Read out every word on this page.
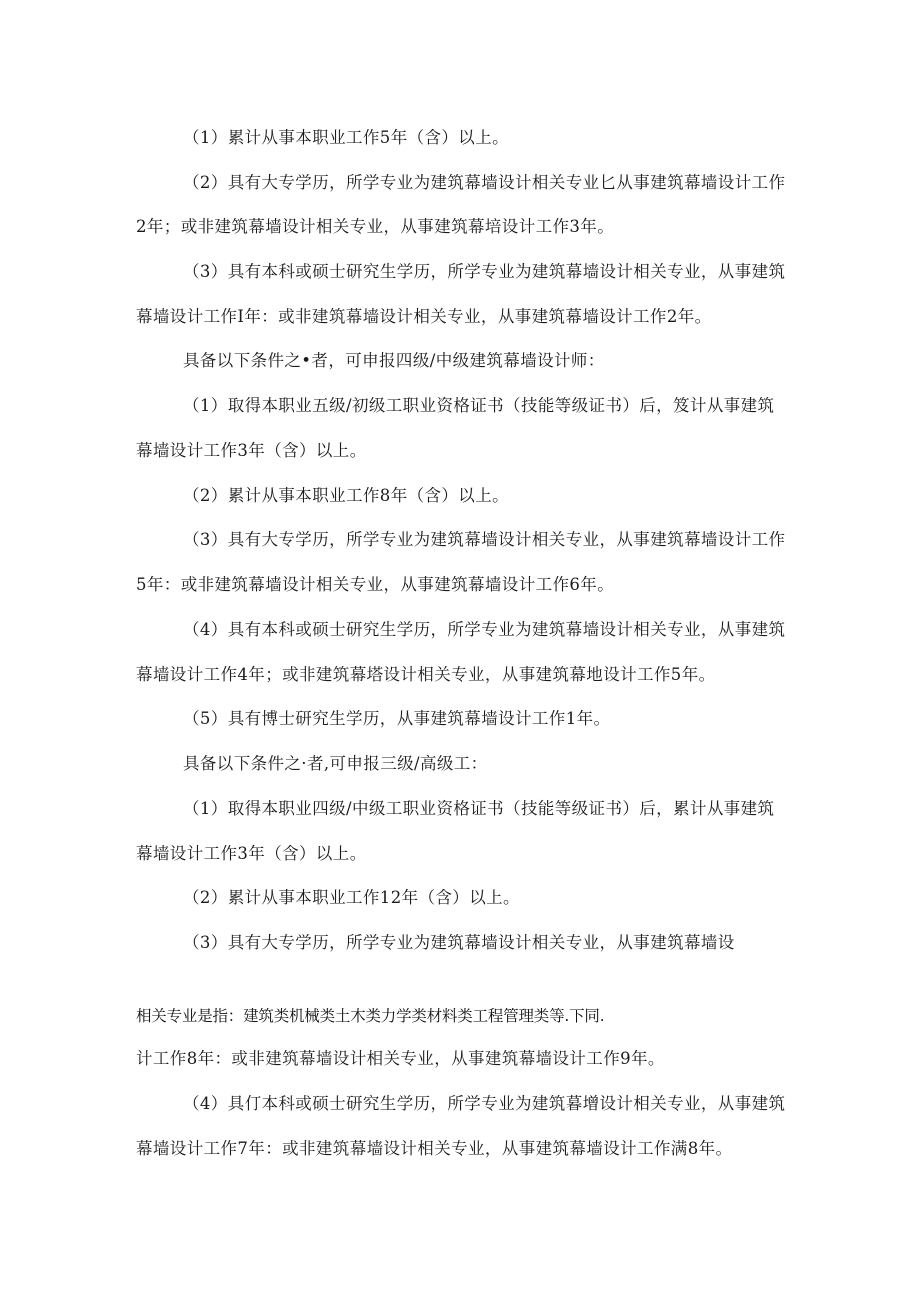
（1）累计从事本职业工作5年（含）以上。
（2）具有大专学历，所学专业为建筑幕墙设计相关专业匕从事建筑幕墙设计工作
2年；或非建筑幕墙设计相关专业，从事建筑幕培设计工作3年。
（3）具有本科或硕士研究生学历，所学专业为建筑幕墙设计相关专业，从事建筑
幕墙设计工作I年：或非建筑幕墙设计相关专业，从事建筑幕墙设计工作2年。
具备以下条件之•者，可申报四级/中级建筑幕墙设计师：
（1）取得本职业五级/初级工职业资格证书（技能等级证书）后，笈计从事建筑
幕墙设计工作3年（含）以上。
（2）累计从事本职业工作8年（含）以上。
（3）具有大专学历，所学专业为建筑幕墙设计相关专业，从事建筑幕墙设计工作
5年：或非建筑幕墙设计相关专业，从事建筑幕墙设计工作6年。
（4）具有本科或硕士研究生学历，所学专业为建筑幕墙设计相关专业，从事建筑
幕墙设计工作4年；或非建筑幕塔设计相关专业，从事建筑幕地设计工作5年。
（5）具有博士研究生学历，从事建筑幕墙设计工作1年。
具备以下条件之·者,可申报三级/高级工：
（1）取得本职业四级/中级工职业资格证书（技能等级证书）后，累计从事建筑
幕墙设计工作3年（含）以上。
（2）累计从事本职业工作12年（含）以上。
（3）具有大专学历，所学专业为建筑幕墙设计相关专业，从事建筑幕墙设
相关专业是指：建筑类机械类土木类力学类材料类工程管理类等.下同.
计工作8年：或非建筑幕墙设计相关专业，从事建筑幕墙设计工作9年。
（4）具仃本科或硕士研究生学历，所学专业为建筑暮增设计相关专业，从事建筑
幕墙设计工作7年：或非建筑幕墙设计相关专业，从事建筑幕墙设计工作满8年。
